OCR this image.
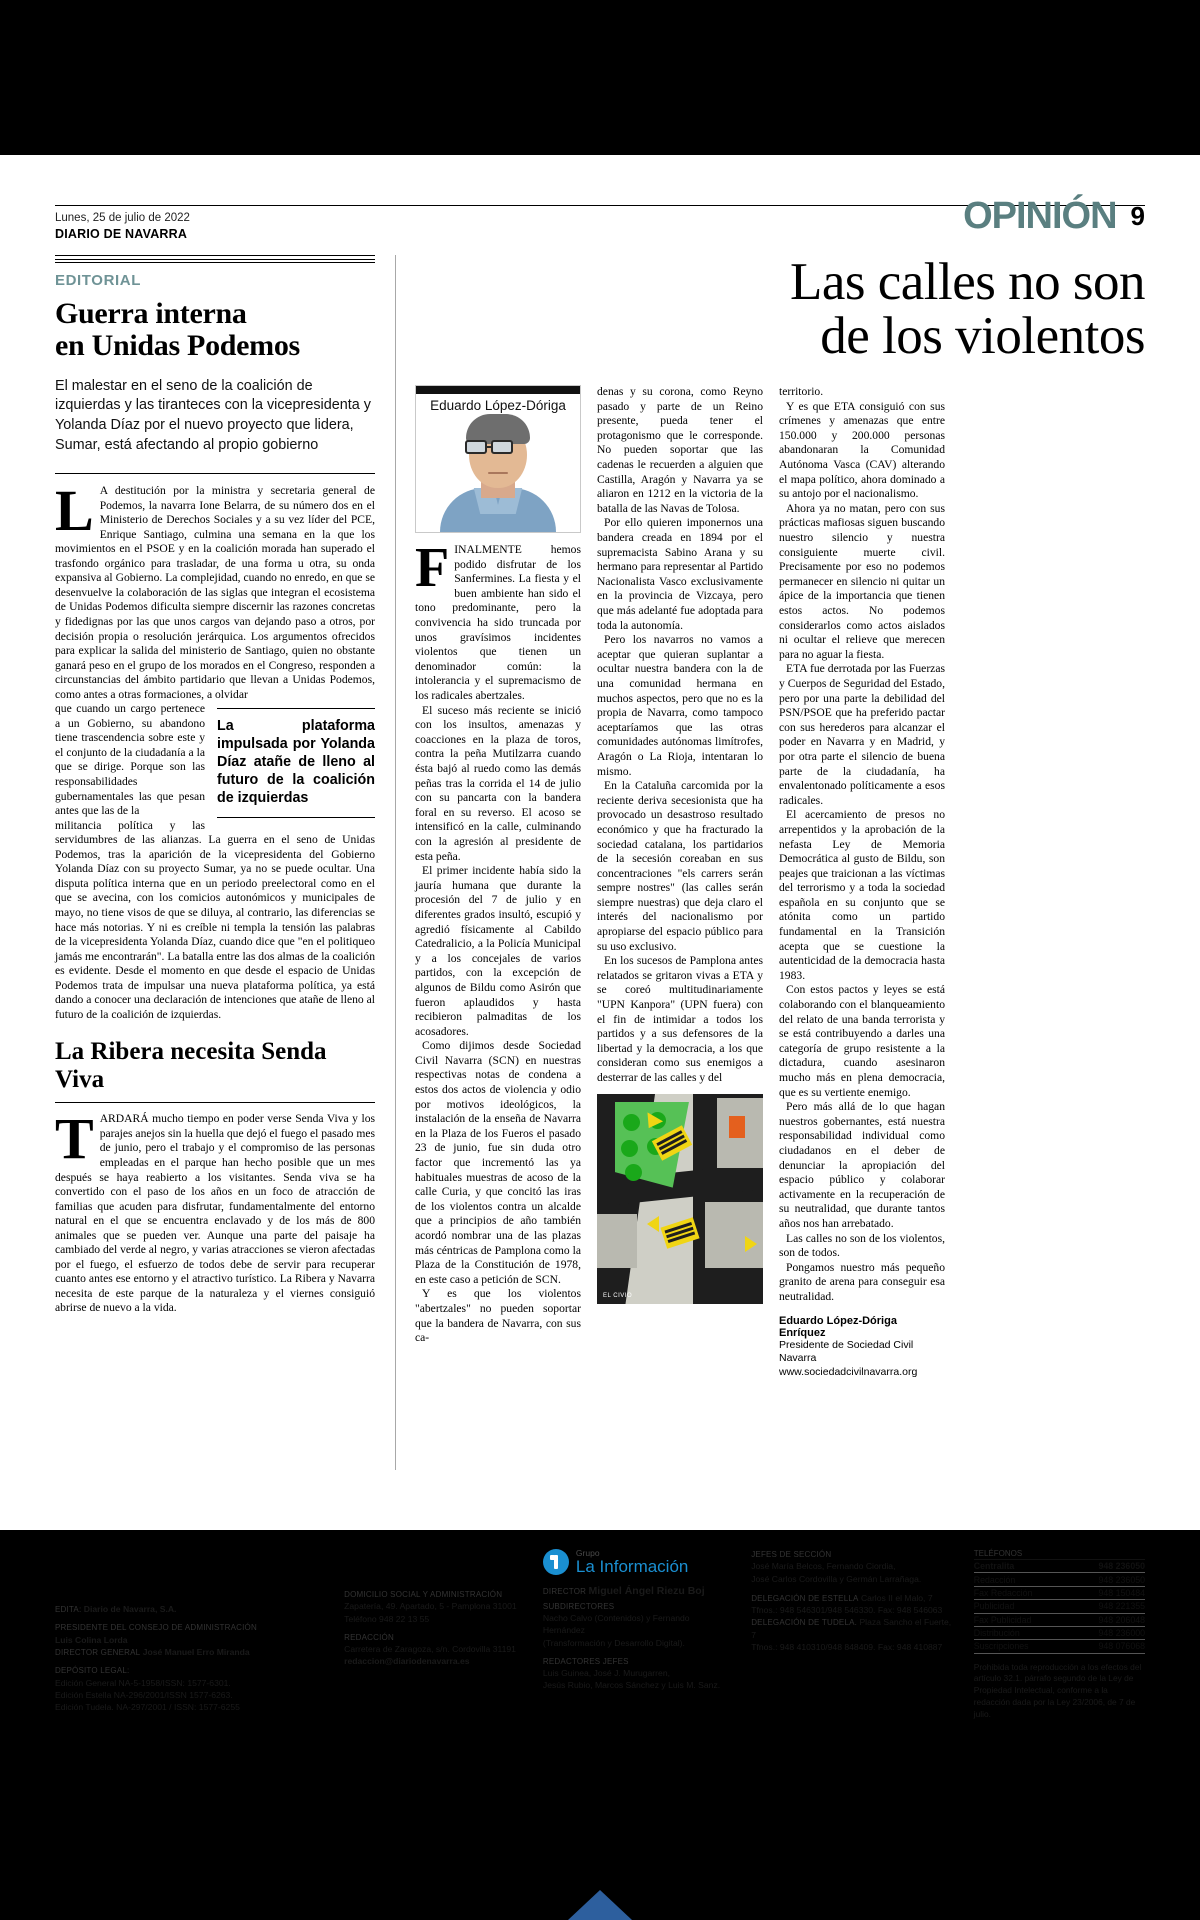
Lunes, 25 de julio de 2022
DIARIO DE NAVARRA	OPINIÓN 9
EDITORIAL
Guerra interna
en Unidas Podemos
El malestar en el seno de la coalición de izquierdas y las tiranteces con la vicepresidenta y Yolanda Díaz por el nuevo proyecto que lidera, Sumar, está afectando al propio gobierno

LA destitución por la ministra y secretaria general de Podemos, la navarra Ione Belarra, de su número dos en el Ministerio de Derechos Sociales y a su vez líder del PCE, Enrique Santiago, culmina una semana en la que los movimientos en el PSOE y en la coalición morada han superado el trasfondo orgánico para trasladar, de una forma u otra, su onda expansiva al Gobierno. La complejidad, cuando no enredo, en que se desenvuelve la colaboración de las siglas que integran el ecosistema de Unidas Podemos dificulta siempre discernir las razones concretas y fidedignas por las que unos cargos van dejando paso a otros, por decisión propia o resolución jerárquica. Los argumentos ofrecidos para explicar la salida del ministerio de Santiago, quien no obstante ganará peso en el grupo de los morados en el Congreso, responden a circunstancias del ámbito partidario que llevan a Unidas Podemos, como antes a otras formaciones, a olvidar

La plataforma impulsada por Yolanda Díaz atañe de lleno al futuro de la coalición de izquierdas

que cuando un cargo pertenece a un Gobierno, su abandono tiene trascendencia sobre este y el conjunto de la ciudadanía a la que se dirige. Porque son las responsabilidades gubernamentales las que pesan antes que las de la

militancia política y las servidumbres de las alianzas. La guerra en el seno de Unidas Podemos, tras la aparición de la vicepresidenta del Gobierno Yolanda Díaz con su proyecto Sumar, ya no se puede ocultar. Una disputa política interna que en un periodo preelectoral como en el que se avecina, con los comicios autonómicos y municipales de mayo, no tiene visos de que se diluya, al contrario, las diferencias se hace más notorias. Y ni es creíble ni templa la tensión las palabras de la vicepresidenta Yolanda Díaz, cuando dice que "en el politiqueo jamás me encontrarán". La batalla entre las dos almas de la coalición es evidente. Desde el momento en que desde el espacio de Unidas Podemos trata de impulsar una nueva plataforma política, ya está dando a conocer una declaración de intenciones que atañe de lleno al futuro de la coalición de izquierdas.

La Ribera necesita Senda Viva

TARDARÁ mucho tiempo en poder verse Senda Viva y los parajes anejos sin la huella que dejó el fuego el pasado mes de junio, pero el trabajo y el compromiso de las personas empleadas en el parque han hecho posible que un mes después se haya reabierto a los visitantes. Senda viva se ha convertido con el paso de los años en un foco de atracción de familias que acuden para disfrutar, fundamentalmente del entorno natural en el que se encuentra enclavado y de los más de 800 animales que se pueden ver. Aunque una parte del paisaje ha cambiado del verde al negro, y varias atracciones se vieron afectadas por el fuego, el esfuerzo de todos debe de servir para recuperar cuanto antes ese entorno y el atractivo turístico. La Ribera y Navarra necesita de este parque de la naturaleza y el viernes consiguió abrirse de nuevo a la vida.

Las calles no son
de los violentos
Eduardo López-Dóriga

FINALMENTE hemos podido disfrutar de los Sanfermines. La fiesta y el buen ambiente han sido el tono predominante, pero la convivencia ha sido truncada por unos gravísimos incidentes violentos que tienen un denominador común: la intolerancia y el supremacismo de los radicales abertzales.

El suceso más reciente se inició con los insultos, amenazas y coacciones en la plaza de toros, contra la peña Mutilzarra cuando ésta bajó al ruedo como las demás peñas tras la corrida el 14 de julio con su pancarta con la bandera foral en su reverso. El acoso se intensificó en la calle, culminando con la agresión al presidente de esta peña.

El primer incidente había sido la jauría humana que durante la procesión del 7 de julio y en diferentes grados insultó, escupió y agredió físicamente al Cabildo Catedralicio, a la Policía Municipal y a los concejales de varios partidos, con la excepción de algunos de Bildu como Asirón que fueron aplaudidos y hasta recibieron palmaditas de los acosadores.

Como dijimos desde Sociedad Civil Navarra (SCN) en nuestras respectivas notas de condena a estos dos actos de violencia y odio por motivos ideológicos, la instalación de la enseña de Navarra en la Plaza de los Fueros el pasado 23 de junio, fue sin duda otro factor que incrementó las ya habituales muestras de acoso de la calle Curia, y que concitó las iras de los violentos contra un alcalde que a principios de año también acordó nombrar una de las plazas más céntricas de Pamplona como la Plaza de la Constitución de 1978, en este caso a petición de SCN.

Y es que los violentos "abertzales" no pueden soportar que la bandera de Navarra, con sus ca-

denas y su corona, como Reyno pasado y parte de un Reino presente, pueda tener el protagonismo que le corresponde. No pueden soportar que las cadenas le recuerden a alguien que Castilla, Aragón y Navarra ya se aliaron en 1212 en la victoria de la batalla de las Navas de Tolosa.

Por ello quieren imponernos una bandera creada en 1894 por el supremacista Sabino Arana y su hermano para representar al Partido Nacionalista Vasco exclusivamente en la provincia de Vizcaya, pero que más adelanté fue adoptada para toda la autonomía.

Pero los navarros no vamos a aceptar que quieran suplantar a ocultar nuestra bandera con la de una comunidad hermana en muchos aspectos, pero que no es la propia de Navarra, como tampoco aceptaríamos que las otras comunidades autónomas limítrofes, Aragón o La Rioja, intentaran lo mismo.

En la Cataluña carcomida por la reciente deriva secesionista que ha provocado un desastroso resultado económico y que ha fracturado la sociedad catalana, los partidarios de la secesión coreaban en sus concentraciones "els carrers serán sempre nostres" (las calles serán siempre nuestras) que deja claro el interés del nacionalismo por apropiarse del espacio público para su uso exclusivo.

En los sucesos de Pamplona antes relatados se gritaron vivas a ETA y se coreó multitudinariamente "UPN Kanpora" (UPN fuera) con el fin de intimidar a todos los partidos y a sus defensores de la libertad y la democracia, a los que consideran como sus enemigos a desterrar de las calles y del

EL CIVIO

territorio.

Y es que ETA consiguió con sus crímenes y amenazas que entre 150.000 y 200.000 personas abandonaran la Comunidad Autónoma Vasca (CAV) alterando el mapa político, ahora dominado a su antojo por el nacionalismo.

Ahora ya no matan, pero con sus prácticas mafiosas siguen buscando nuestro silencio y nuestra consiguiente muerte civil. Precisamente por eso no podemos permanecer en silencio ni quitar un ápice de la importancia que tienen estos actos. No podemos considerarlos como actos aislados ni ocultar el relieve que merecen para no aguar la fiesta.

ETA fue derrotada por las Fuerzas y Cuerpos de Seguridad del Estado, pero por una parte la debilidad del PSN/PSOE que ha preferido pactar con sus herederos para alcanzar el poder en Navarra y en Madrid, y por otra parte el silencio de buena parte de la ciudadanía, ha envalentonado políticamente a esos radicales.

El acercamiento de presos no arrepentidos y la aprobación de la nefasta Ley de Memoria Democrática al gusto de Bildu, son peajes que traicionan a las víctimas del terrorismo y a toda la sociedad española en su conjunto que se atónita como un partido fundamental en la Transición acepta que se cuestione la autenticidad de la democracia hasta 1983.

Con estos pactos y leyes se está colaborando con el blanqueamiento del relato de una banda terrorista y se está contribuyendo a darles una categoría de grupo resistente a la dictadura, cuando asesinaron mucho más en plena democracia, que es su vertiente enemigo.

Pero más allá de lo que hagan nuestros gobernantes, está nuestra responsabilidad individual como ciudadanos en el deber de denunciar la apropiación del espacio público y colaborar activamente en la recuperación de su neutralidad, que durante tantos años nos han arrebatado.

Las calles no son de los violentos, son de todos.

Pongamos nuestro más pequeño granito de arena para conseguir esa neutralidad.

Eduardo López-Dóriga Enríquez
Presidente de Sociedad Civil Navarra
www.sociedadcivilnavarra.org
DIARIO DE NAVARRAFundado en 1903
EDITA: Diario de Navarra, S.A.
PRESIDENTE DEL CONSEJO DE ADMINISTRACIÓN
Luis Colina Lorda
DIRECTOR GENERAL José Manuel Erro Miranda
DEPÓSITO LEGAL:
Edición General NA-5-1958/ISSN: 1577-6301.
Edición Estella NA-296/2001/ISSN 1577-6263.
Edición Tudela. NA-297/2001 / ISSN: 1577-6255
DOMICILIO SOCIAL Y ADMINISTRACIÓN
Zapatería, 49. Apartado, 5 - Pamplona 31001
Teléfono 948 22 13 55
REDACCIÓN
Carretera de Zaragoza, s/n. Cordovilla 31191
redaccion@diariodenavarra.es
Grupo
La Información
DIRECTOR Miguel Ángel Riezu Boj
SUBDIRECTORES
Nacho Calvo (Contenidos) y Fernando Hernández
(Transformación y Desarrollo Digital).
REDACTORES JEFES
Luis Guinea, José J. Murugarren,
Jesús Rubio, Marcos Sánchez y Luis M. Sanz.
JEFES DE SECCIÓN
José María Belcos, Fernando Ciordia,
José Carlos Cordovilla y Germán Larrañaga.
DELEGACIÓN DE ESTELLA Carlos II el Malo, 7
Tfnos.: 948 546301/948 546330. Fax: 948 546063
DELEGACIÓN DE TUDELA. Plaza Sancho el Fuerte, 7
Tfnos.: 948 410310/948 848409. Fax: 948 410887
TELÉFONOS
Centralita	948 236050
Redacción	948 236050
Fax Redacción	948 150484
Publicidad	948 221355
Fax Publicidad	948 206048
Distribución	948 236000
Suscripciones	948 076068
Prohibida toda reproducción a los efectos del artículo 32.1. párrafo segundo de la Ley de Propiedad Intelectual, conforme a la redacción dada por la Ley 23/2006, de 7 de julio.
